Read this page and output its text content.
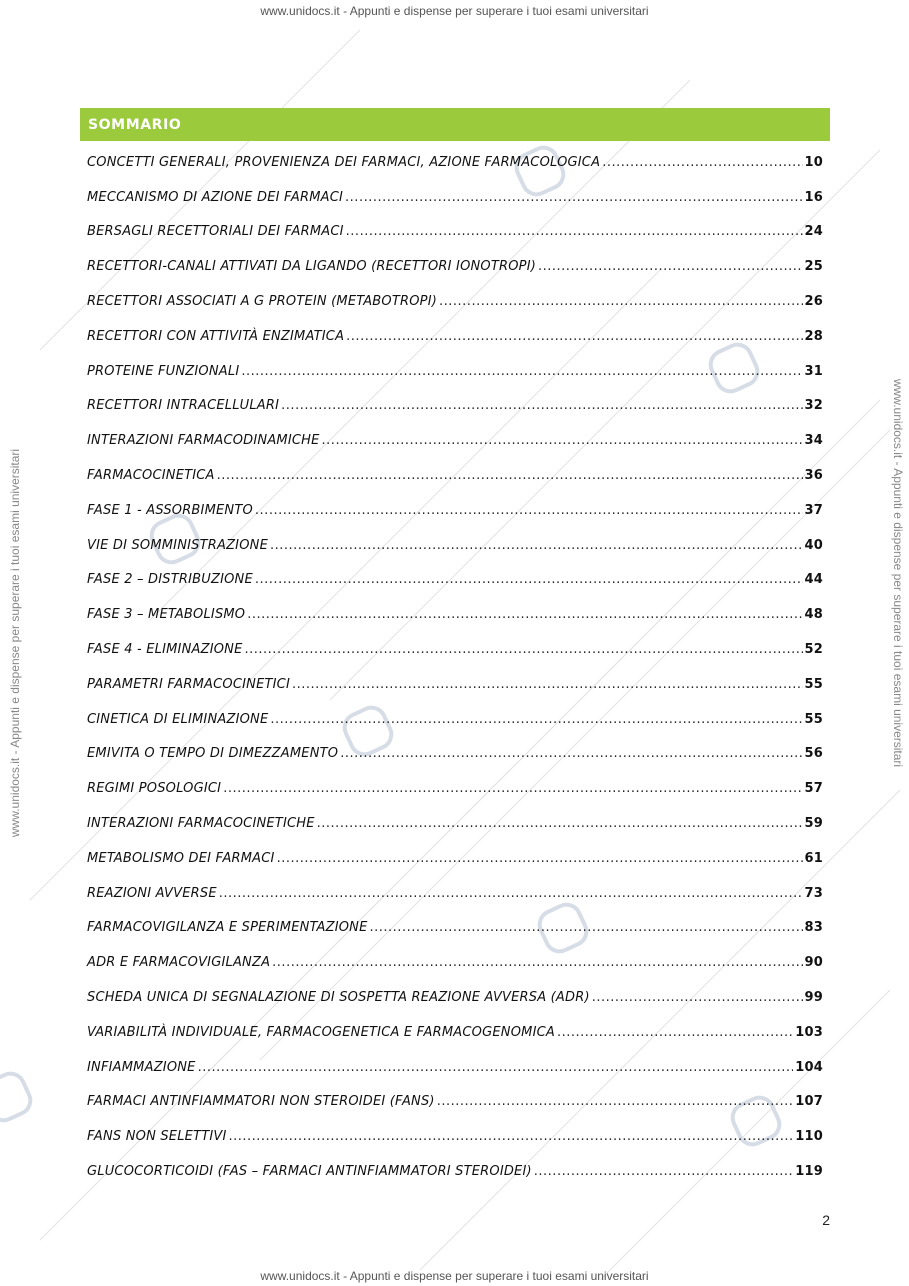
www.unidocs.it - Appunti e dispense per superare i tuoi esami universitari
www.unidocs.it - Appunti e dispense per superare i tuoi esami universitari	www.unidocs.it - Appunti e dispense per superare i tuoi esami universitari
SOMMARIO
CONCETTI GENERALI, PROVENIENZA DEI FARMACI, AZIONE FARMACOLOGICA .....	10
MECCANISMO DI AZIONE DEI FARMACI .....	16
BERSAGLI RECETTORIALI DEI FARMACI .....	24
RECETTORI-CANALI ATTIVATI DA LIGANDO (RECETTORI IONOTROPI) .....	25
RECETTORI ASSOCIATI A G PROTEIN (METABOTROPI) .....	26
RECETTORI CON ATTIVITÀ ENZIMATICA .....	28
PROTEINE FUNZIONALI .....	31
RECETTORI INTRACELLULARI .....	32
INTERAZIONI FARMACODINAMICHE .....	34
FARMACOCINETICA .....	36
FASE 1 - ASSORBIMENTO .....	37
VIE DI SOMMINISTRAZIONE .....	40
FASE 2 – DISTRIBUZIONE .....	44
FASE 3 – METABOLISMO .....	48
FASE 4 - ELIMINAZIONE .....	52
PARAMETRI FARMACOCINETICI .....	55
CINETICA DI ELIMINAZIONE .....	55
EMIVITA O TEMPO DI DIMEZZAMENTO .....	56
REGIMI POSOLOGICI .....	57
INTERAZIONI FARMACOCINETICHE .....	59
METABOLISMO DEI FARMACI .....	61
REAZIONI AVVERSE .....	73
FARMACOVIGILANZA E SPERIMENTAZIONE .....	83
ADR E FARMACOVIGILANZA .....	90
SCHEDA UNICA DI SEGNALAZIONE DI SOSPETTA REAZIONE AVVERSA (ADR) .....	99
VARIABILITÀ INDIVIDUALE, FARMACOGENETICA E FARMACOGENOMICA .....	103
INFIAMMAZIONE .....	104
FARMACI ANTINFIAMMATORI NON STEROIDEI (FANS) .....	107
FANS NON SELETTIVI .....	110
GLUCOCORTICOIDI (FAS – FARMACI ANTINFIAMMATORI STEROIDEI) .....	119
2
www.unidocs.it - Appunti e dispense per superare i tuoi esami universitari
